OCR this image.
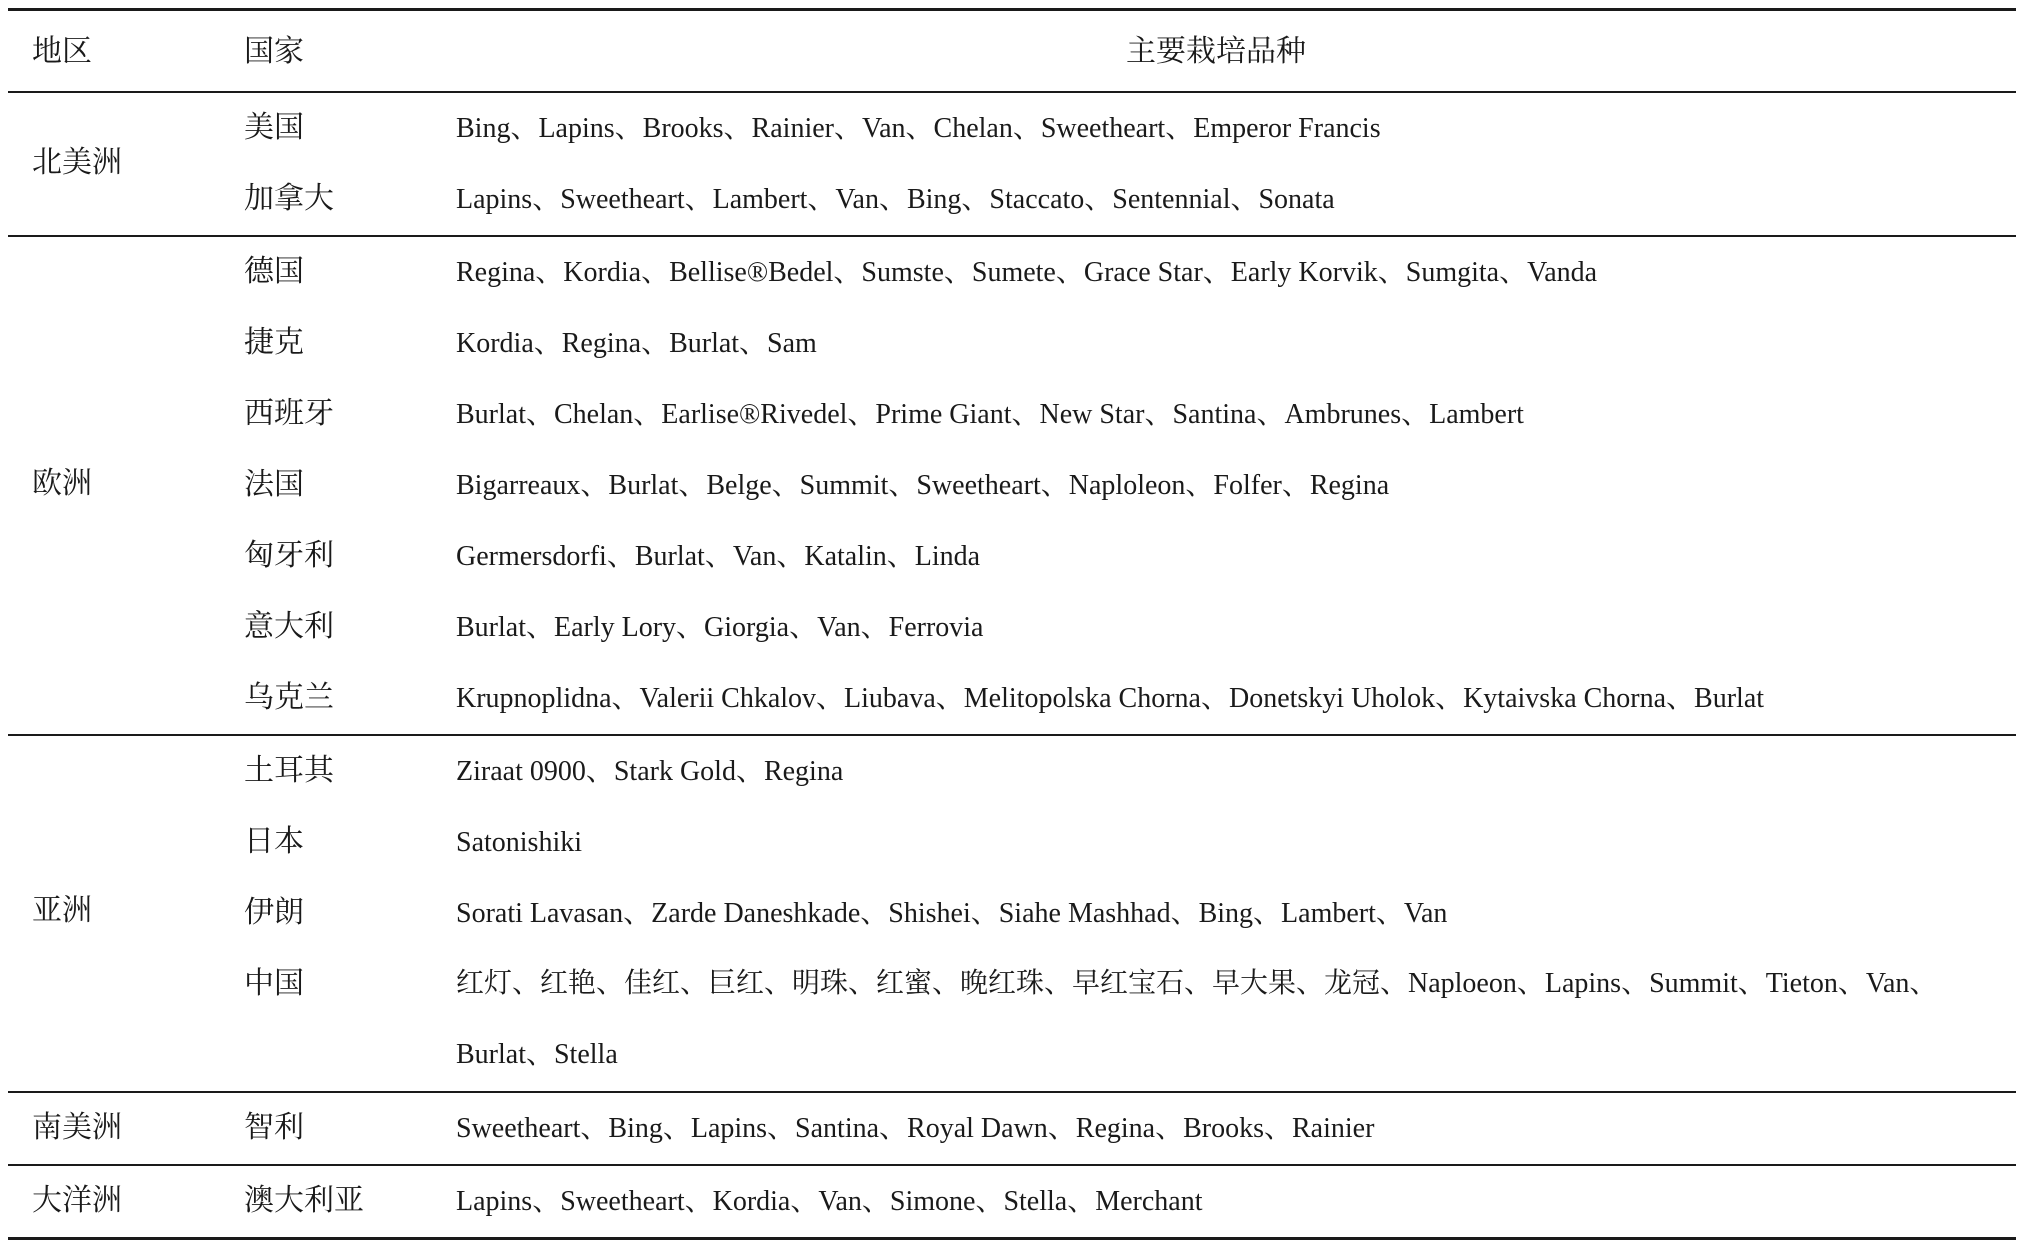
地区	国家	主要栽培品种
北美洲
美国	Bing、Lapins、Brooks、Rainier、Van、Chelan、Sweetheart、Emperor Francis
加拿大	Lapins、Sweetheart、Lambert、Van、Bing、Staccato、Sentennial、Sonata
欧洲
德国	Regina、Kordia、Bellise®Bedel、Sumste、Sumete、Grace Star、Early Korvik、Sumgita、Vanda
捷克	Kordia、Regina、Burlat、Sam
西班牙	Burlat、Chelan、Earlise®Rivedel、Prime Giant、New Star、Santina、Ambrunes、Lambert
法国	Bigarreaux、Burlat、Belge、Summit、Sweetheart、Naploleon、Folfer、Regina
匈牙利	Germersdorfi、Burlat、Van、Katalin、Linda
意大利	Burlat、Early Lory、Giorgia、Van、Ferrovia
乌克兰	Krupnoplidna、Valerii Chkalov、Liubava、Melitopolska Chorna、Donetskyi Uholok、Kytaivska Chorna、Burlat
亚洲
土耳其	Ziraat 0900、Stark Gold、Regina
日本	Satonishiki
伊朗	Sorati Lavasan、Zarde Daneshkade、Shishei、Siahe Mashhad、Bing、Lambert、Van
中国	红灯、红艳、佳红、巨红、明珠、红蜜、晚红珠、早红宝石、早大果、龙冠、Naploeon、Lapins、Summit、Tieton、Van、Burlat、Stella
南美洲	智利	Sweetheart、Bing、Lapins、Santina、Royal Dawn、Regina、Brooks、Rainier
大洋洲	澳大利亚	Lapins、Sweetheart、Kordia、Van、Simone、Stella、Merchant
